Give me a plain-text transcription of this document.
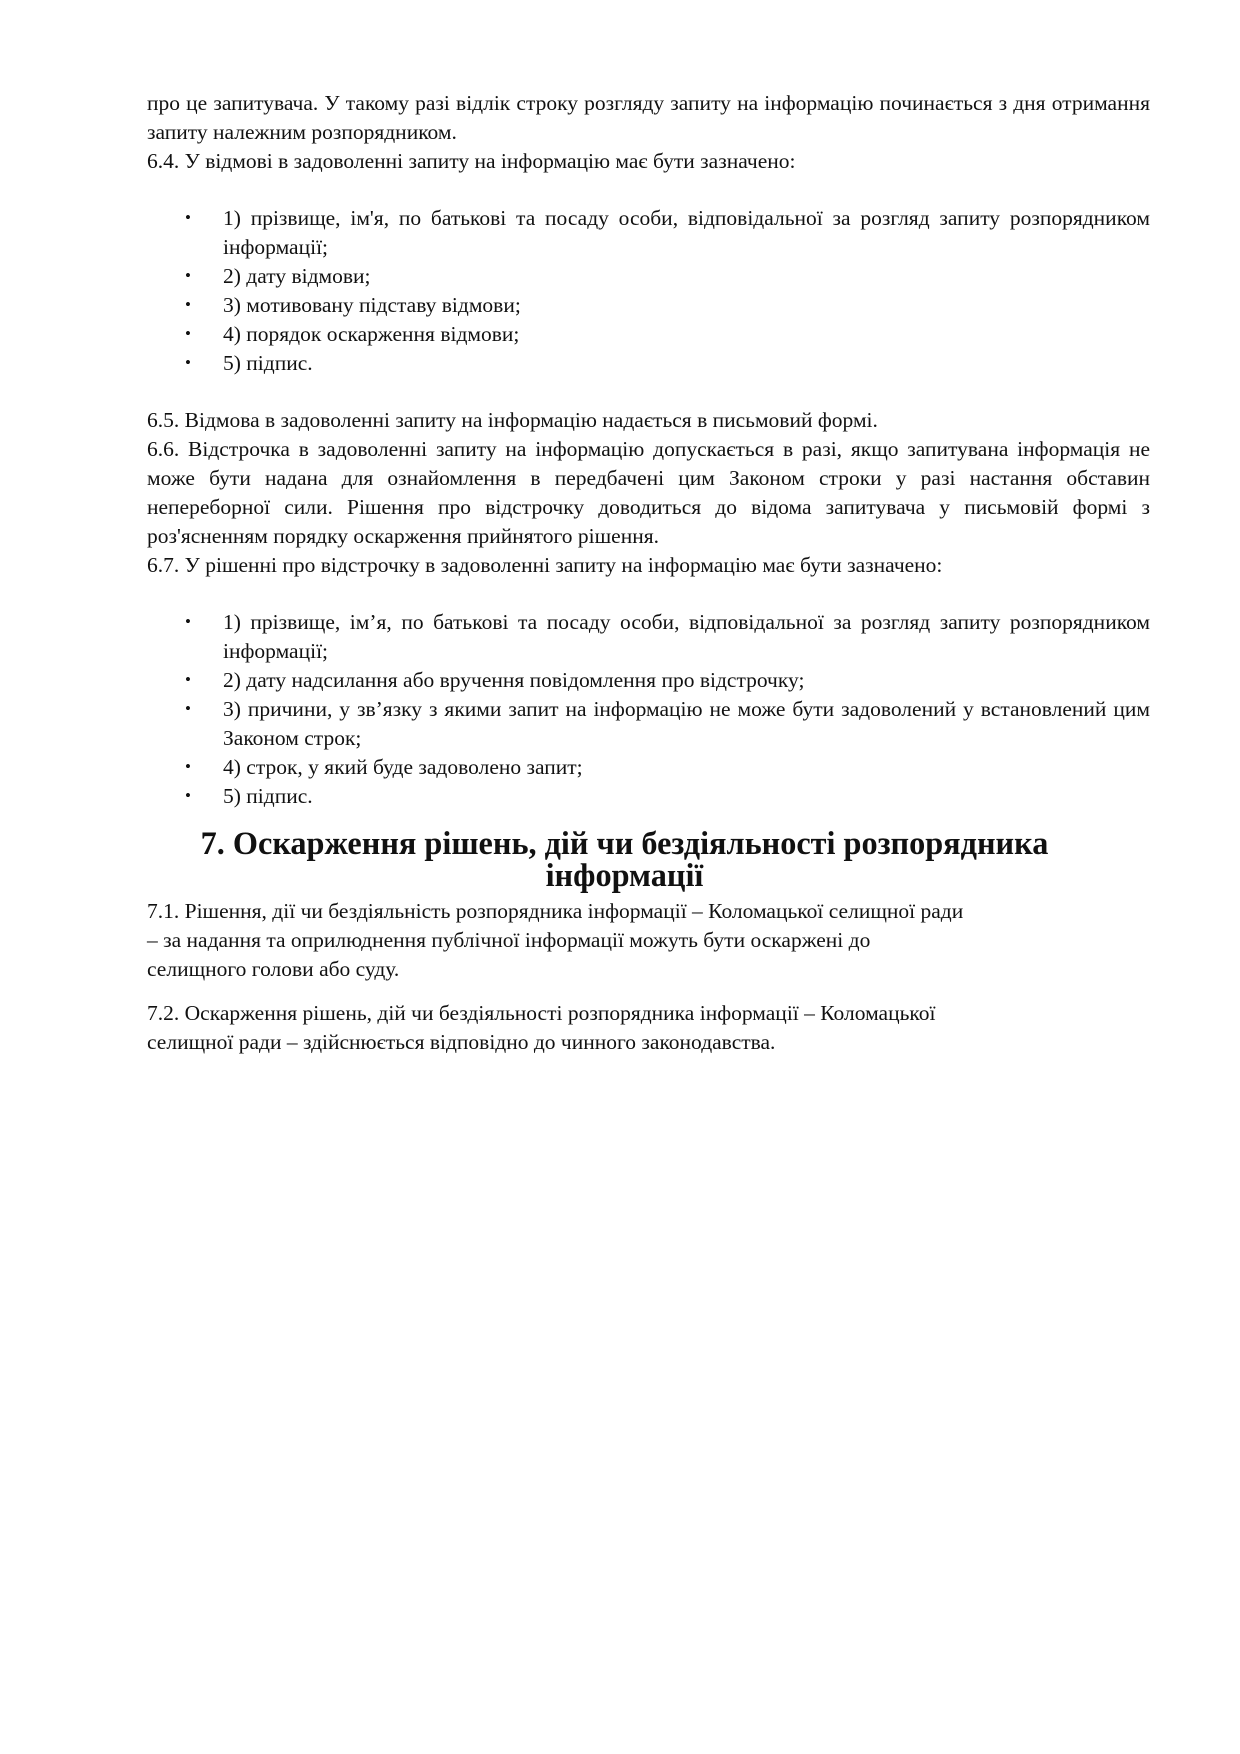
про це запитувача. У такому разі відлік строку розгляду запиту на інформацію починається з дня отримання запиту належним розпорядником.

6.4. У відмові в задоволенні запиту на інформацію має бути зазначено:

• 1) прізвище, ім'я, по батькові та посаду особи, відповідальної за розгляд запиту розпорядником інформації;
• 2) дату відмови;
• 3) мотивовану підставу відмови;
• 4) порядок оскарження відмови;
• 5) підпис.

6.5. Відмова в задоволенні запиту на інформацію надається в письмовий формі.

6.6. Відстрочка в задоволенні запиту на інформацію допускається в разі, якщо запитувана інформація не може бути надана для ознайомлення в передбачені цим Законом строки у разі настання обставин непереборної сили. Рішення про відстрочку доводиться до відома запитувача у письмовій формі з роз'ясненням порядку оскарження прийнятого рішення.

6.7. У рішенні про відстрочку в задоволенні запиту на інформацію має бути зазначено:

• 1) прізвище, ім’я, по батькові та посаду особи, відповідальної за розгляд запиту розпорядником інформації;
• 2) дату надсилання або вручення повідомлення про відстрочку;
• 3) причини, у зв’язку з якими запит на інформацію не може бути задоволений у встановлений цим Законом строк;
• 4) строк, у який буде задоволено запит;
• 5) підпис.
7. Оскарження рішень, дій чи бездіяльності розпорядника інформації

7.1. Рішення, дії чи бездіяльність розпорядника інформації – Коломацької селищної ради
– за надання та оприлюднення публічної інформації можуть бути оскаржені до
селищного голови або суду.

7.2. Оскарження рішень, дій чи бездіяльності розпорядника інформації – Коломацької
селищної ради – здійснюється відповідно до чинного законодавства.
